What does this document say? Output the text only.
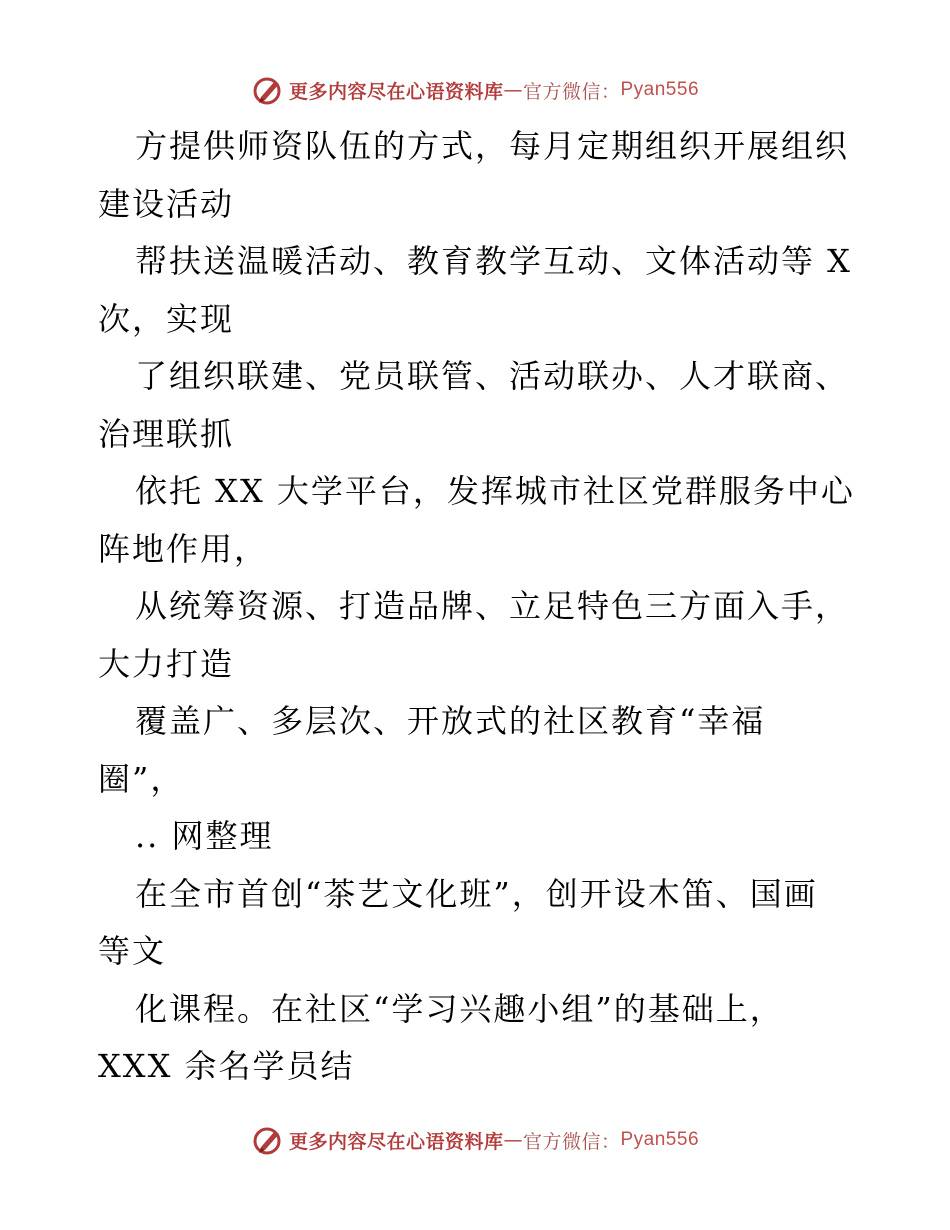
更多内容尽在心语资料库 — 官方微信： Pyan556
方提供师资队伍的方式，每月定期组织开展组织
建设活动
帮扶送温暖活动、教育教学互动、文体活动等 X
次，实现
了组织联建、党员联管、活动联办、人才联商、
治理联抓
依托 XX 大学平台，发挥城市社区党群服务中心
阵地作用，
从统筹资源、打造品牌、立足特色三方面入手，
大力打造
覆盖广、多层次、开放式的社区教育“幸福
圈”，
.. 网整理
在全市首创“茶艺文化班”，创开设木笛、国画
等文
化课程。在社区“学习兴趣小组”的基础上，
XXX 余名学员结
更多内容尽在心语资料库 — 官方微信： Pyan556
